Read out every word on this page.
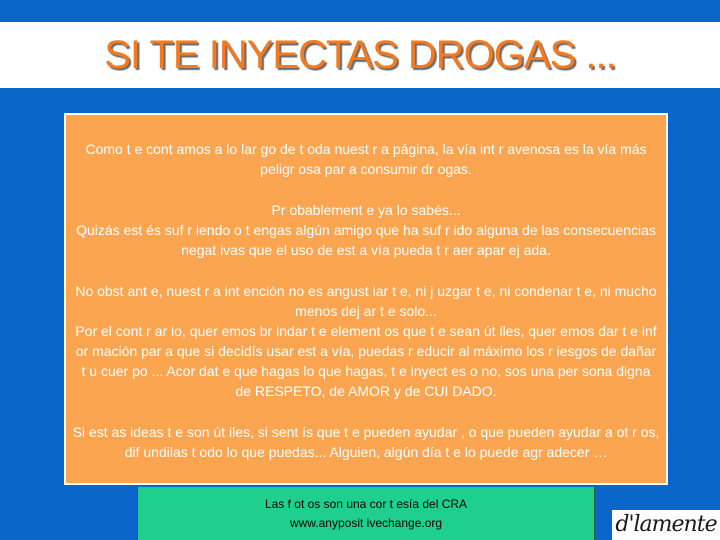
SI TE INYECTAS DROGAS ...

Como t e cont amos a lo lar go de t oda nuest r a página, la vía int r avenosa es la vía más peligr osa par a consumir dr ogas.

Pr obablement e ya lo sabés...

Quizás est és suf r iendo o t engas algún amigo que ha suf r ido alguna de las consecuencias negat ivas que el uso de est a vía pueda t r aer apar ej ada.

No obst ant e, nuest r a int ención no es angust iar t e, ni j uzgar t e, ni condenar t e, ni mucho menos dej ar t e solo...

Por el cont r ar io, quer emos br indar t e element os que t e sean út iles, quer emos dar t e inf or mación par a que si decidís usar est a vía, puedas r educir al máximo los r iesgos de dañar t u cuer po ... Acor dat e que hagas lo que hagas, t e inyect es o no, sos una per sona digna de RESPETO, de AMOR y de CUI DADO.

Si est as ideas t e son út iles, si sent ís que t e pueden ayudar , o que pueden ayudar a ot r os, dif undilas t odo lo que puedas... Alguien, algún día t e lo puede agr adecer …

Las f ot os son una cor t esía del CRA
www.anyposit ivechange.org	d'lamente
